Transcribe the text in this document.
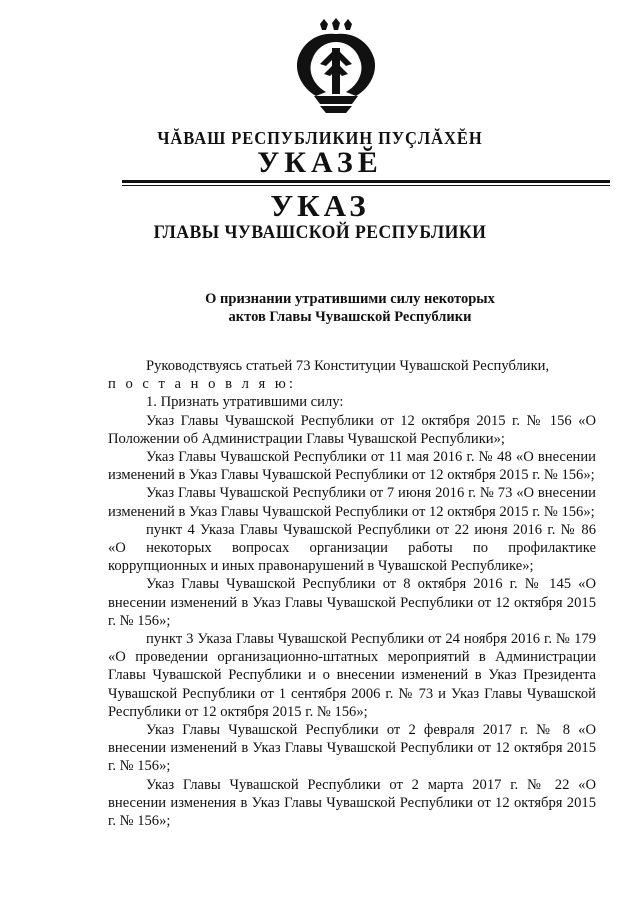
ЧĂВАШ РЕСПУБЛИКИН ПУÇЛĂХĔН
УКАЗĔ
УКАЗ
ГЛАВЫ ЧУВАШСКОЙ РЕСПУБЛИКИ
О признании утратившими силу некоторых
актов Главы Чувашской Республики

Руководствуясь статьей 73 Конституции Чувашской Республики,

п о с т а н о в л я ю:

1. Признать утратившими силу:

Указ Главы Чувашской Республики от 12 октября 2015 г. № 156 «О Положении об Администрации Главы Чувашской Республики»;

Указ Главы Чувашской Республики от 11 мая 2016 г. № 48 «О внесении изменений в Указ Главы Чувашской Республики от 12 октября 2015 г. № 156»;

Указ Главы Чувашской Республики от 7 июня 2016 г. № 73 «О внесении изменений в Указ Главы Чувашской Республики от 12 октября 2015 г. № 156»;

пункт 4 Указа Главы Чувашской Республики от 22 июня 2016 г. № 86 «О некоторых вопросах организации работы по профилактике коррупционных и иных правонарушений в Чувашской Республике»;

Указ Главы Чувашской Республики от 8 октября 2016 г. № 145 «О внесении изменений в Указ Главы Чувашской Республики от 12 октября 2015 г. № 156»;

пункт 3 Указа Главы Чувашской Республики от 24 ноября 2016 г. № 179 «О проведении организационно-штатных мероприятий в Администрации Главы Чувашской Республики и о внесении изменений в Указ Президента Чувашской Республики от 1 сентября 2006 г. № 73 и Указ Главы Чувашской Республики от 12 октября 2015 г. № 156»;

Указ Главы Чувашской Республики от 2 февраля 2017 г. № 8 «О внесении изменений в Указ Главы Чувашской Республики от 12 октября 2015 г. № 156»;

Указ Главы Чувашской Республики от 2 марта 2017 г. № 22 «О внесении изменения в Указ Главы Чувашской Республики от 12 октября 2015 г. № 156»;
